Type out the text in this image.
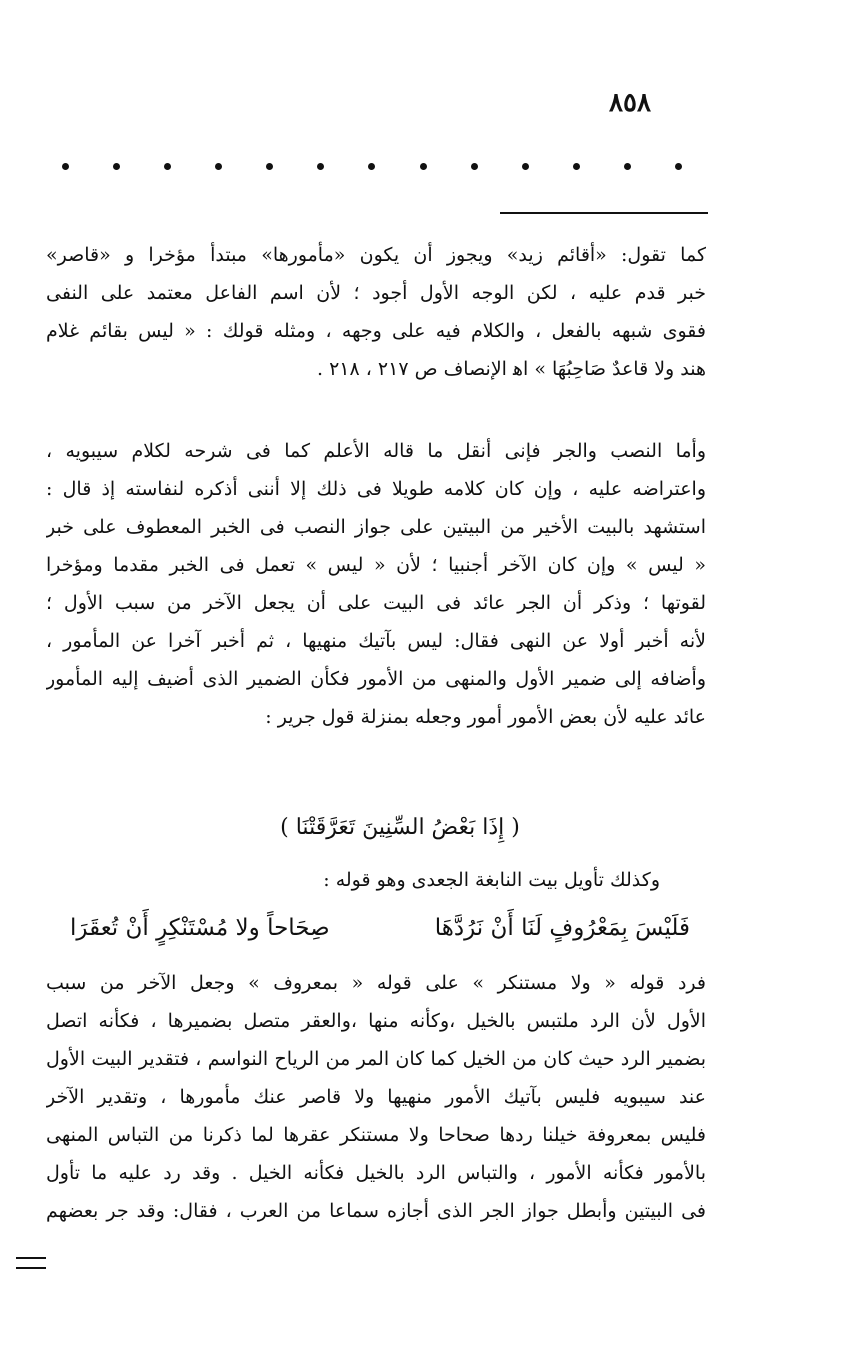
٨٥٨
كما تقول: «أقائم زيد» ويجوز أن يكون «مأمورها» مبتدأ مؤخرا و «قاصر»
خبر قدم عليه ، لكن الوجه الأول أجود ؛ لأن اسم الفاعل معتمد على النفى
فقوى شبهه بالفعل ، والكلام فيه على وجهه ، ومثله قولك : « ليس بقائم غلام
هند ولا قاعدٌ صَاحِبُهَا » اﻫ الإنصاف ص ٢١٧ ، ٢١٨ .
وأما النصب والجر فإنى أنقل ما قاله الأعلم كما فى شرحه لكلام سيبويه ،
واعتراضه عليه ، وإن كان كلامه طويلا فى ذلك إلا أننى أذكره لنفاسته إذ قال :
استشهد بالبيت الأخير من البيتين على جواز النصب فى الخبر المعطوف على خبر
« ليس » وإن كان الآخر أجنبيا ؛ لأن « ليس » تعمل فى الخبر مقدما ومؤخرا
لقوتها ؛ وذكر أن الجر عائد فى البيت على أن يجعل الآخر من سبب الأول ؛
لأنه أخبر أولا عن النهى فقال: ليس بآتيك منهيها ، ثم أخبر آخرا عن المأمور ،
وأضافه إلى ضمير الأول والمنهى من الأمور فكأن الضمير الذى أضيف إليه المأمور
عائد عليه لأن بعض الأمور أمور وجعله بمنزلة قول جرير :
( إِذَا بَعْضُ السِّنِينَ تَعَرَّقَتْنَا )
وكذلك تأويل بيت النابغة الجعدى وهو قوله :
فَلَيْسَ بِمَعْرُوفٍ لَنَا أَنْ نَرُدَّهَا
صِحَاحاً ولا مُسْتَنْكِرٍ أَنْ تُعقَرَا
فرد قوله « ولا مستنكر » على قوله « بمعروف » وجعل الآخر من سبب
الأول لأن الرد ملتبس بالخيل ،وكأنه منها ،والعقر متصل بضميرها ، فكأنه اتصل
بضمير الرد حيث كان من الخيل كما كان المر من الرياح النواسم ، فتقدير البيت الأول
عند سيبويه فليس بآتيك الأمور منهيها ولا قاصر عنك مأمورها ، وتقدير الآخر
فليس بمعروفة خيلنا ردها صحاحا ولا مستنكر عقرها لما ذكرنا من التباس المنهى
بالأمور فكأنه الأمور ، والتباس الرد بالخيل فكأنه الخيل . وقد رد عليه ما تأول
فى البيتين وأبطل جواز الجر الذى أجازه سماعا من العرب ، فقال: وقد جر بعضهم
